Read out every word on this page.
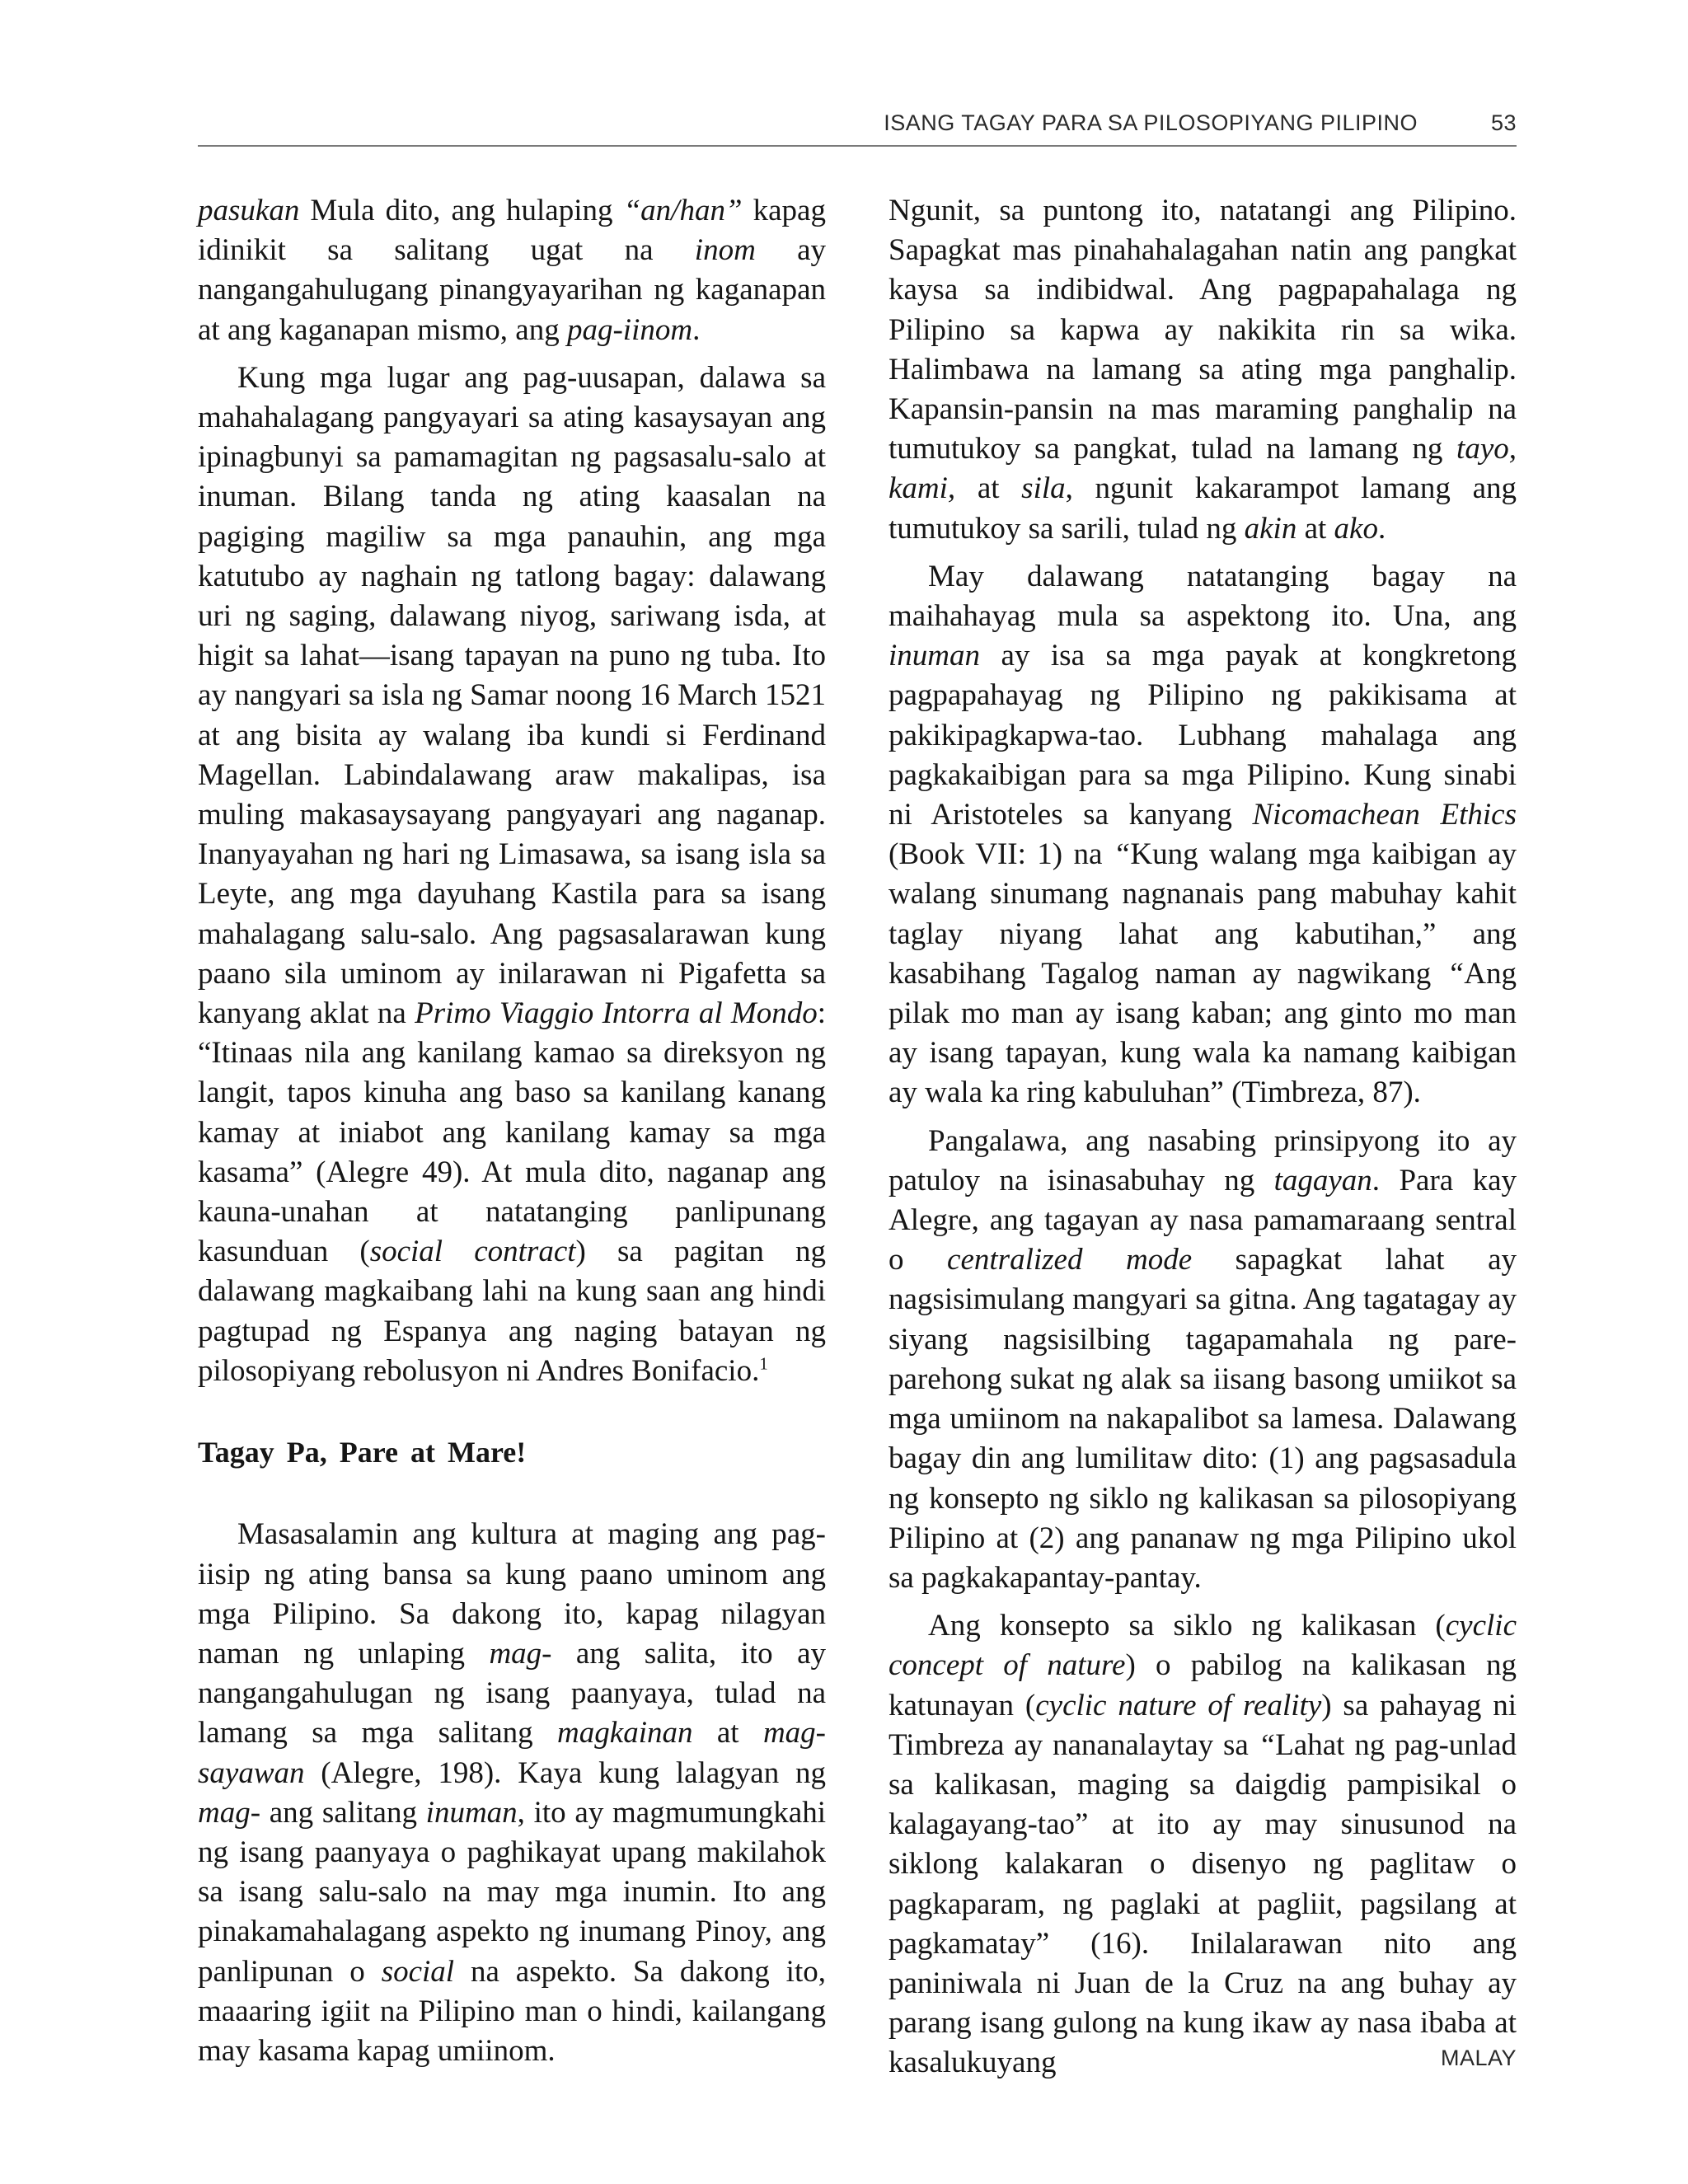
ISANG TAGAY PARA SA PILOSOPIYANG PILIPINO	53

pasukan Mula dito, ang hulaping “an/han” kapag idinikit sa salitang ugat na inom ay nangangahulugang pinangyayarihan ng kaganapan at ang kaganapan mismo, ang pag-iinom.

Kung mga lugar ang pag-uusapan, dalawa sa mahahalagang pangyayari sa ating kasaysayan ang ipinagbunyi sa pamamagitan ng pagsasalu-salo at inuman. Bilang tanda ng ating kaasalan na pagiging magiliw sa mga panauhin, ang mga katutubo ay naghain ng tatlong bagay: dalawang uri ng saging, dalawang niyog, sariwang isda, at higit sa lahat—isang tapayan na puno ng tuba. Ito ay nangyari sa isla ng Samar noong 16 March 1521 at ang bisita ay walang iba kundi si Ferdinand Magellan. Labindalawang araw makalipas, isa muling makasaysayang pangyayari ang naganap. Inanyayahan ng hari ng Limasawa, sa isang isla sa Leyte, ang mga dayuhang Kastila para sa isang mahalagang salu-salo. Ang pagsasalarawan kung paano sila uminom ay inilarawan ni Pigafetta sa kanyang aklat na Primo Viaggio Intorra al Mondo: “Itinaas nila ang kanilang kamao sa direksyon ng langit, tapos kinuha ang baso sa kanilang kanang kamay at iniabot ang kanilang kamay sa mga kasama” (Alegre 49). At mula dito, naganap ang kauna-unahan at natatanging panlipunang kasunduan (social contract) sa pagitan ng dalawang magkaibang lahi na kung saan ang hindi pagtupad ng Espanya ang naging batayan ng pilosopiyang rebolusyon ni Andres Bonifacio.$^1$

Tagay Pa, Pare at Mare!

Masasalamin ang kultura at maging ang pag-iisip ng ating bansa sa kung paano uminom ang mga Pilipino. Sa dakong ito, kapag nilagyan naman ng unlaping mag- ang salita, ito ay nangangahulugan ng isang paanyaya, tulad na lamang sa mga salitang magkainan at mag-sayawan (Alegre, 198). Kaya kung lalagyan ng mag- ang salitang inuman, ito ay magmumungkahi ng isang paanyaya o paghikayat upang makilahok sa isang salu-salo na may mga inumin. Ito ang pinakamahalagang aspekto ng inumang Pinoy, ang panlipunan o social na aspekto. Sa dakong ito, maaaring igiit na Pilipino man o hindi, kailangang may kasama kapag umiinom.

Ngunit, sa puntong ito, natatangi ang Pilipino. Sapagkat mas pinahahalagahan natin ang pangkat kaysa sa indibidwal. Ang pagpapahalaga ng Pilipino sa kapwa ay nakikita rin sa wika. Halimbawa na lamang sa ating mga panghalip. Kapansin-pansin na mas maraming panghalip na tumutukoy sa pangkat, tulad na lamang ng tayo, kami, at sila, ngunit kakarampot lamang ang tumutukoy sa sarili, tulad ng akin at ako.

May dalawang natatanging bagay na maihahayag mula sa aspektong ito. Una, ang inuman ay isa sa mga payak at kongkretong pagpapahayag ng Pilipino ng pakikisama at pakikipagkapwa-tao. Lubhang mahalaga ang pagkakaibigan para sa mga Pilipino. Kung sinabi ni Aristoteles sa kanyang Nicomachean Ethics (Book VII: 1) na “Kung walang mga kaibigan ay walang sinumang nagnanais pang mabuhay kahit taglay niyang lahat ang kabutihan,” ang kasabihang Tagalog naman ay nagwikang “Ang pilak mo man ay isang kaban; ang ginto mo man ay isang tapayan, kung wala ka namang kaibigan ay wala ka ring kabuluhan” (Timbreza, 87).

Pangalawa, ang nasabing prinsipyong ito ay patuloy na isinasabuhay ng tagayan. Para kay Alegre, ang tagayan ay nasa pamamaraang sentral o centralized mode sapagkat lahat ay nagsisimulang mangyari sa gitna. Ang tagatagay ay siyang nagsisilbing tagapamahala ng pare-parehong sukat ng alak sa iisang basong umiikot sa mga umiinom na nakapalibot sa lamesa. Dalawang bagay din ang lumilitaw dito: (1) ang pagsasadula ng konsepto ng siklo ng kalikasan sa pilosopiyang Pilipino at (2) ang pananaw ng mga Pilipino ukol sa pagkakapantay-pantay.

Ang konsepto sa siklo ng kalikasan (cyclic concept of nature) o pabilog na kalikasan ng katunayan (cyclic nature of reality) sa pahayag ni Timbreza ay nananalaytay sa “Lahat ng pag-unlad sa kalikasan, maging sa daigdig pampisikal o kalagayang-tao” at ito ay may sinusunod na siklong kalakaran o disenyo ng paglitaw o pagkaparam, ng paglaki at pagliit, pagsilang at pagkamatay” (16). Inilalarawan nito ang paniniwala ni Juan de la Cruz na ang buhay ay parang isang gulong na kung ikaw ay nasa ibaba at kasalukuyang	MALAY
